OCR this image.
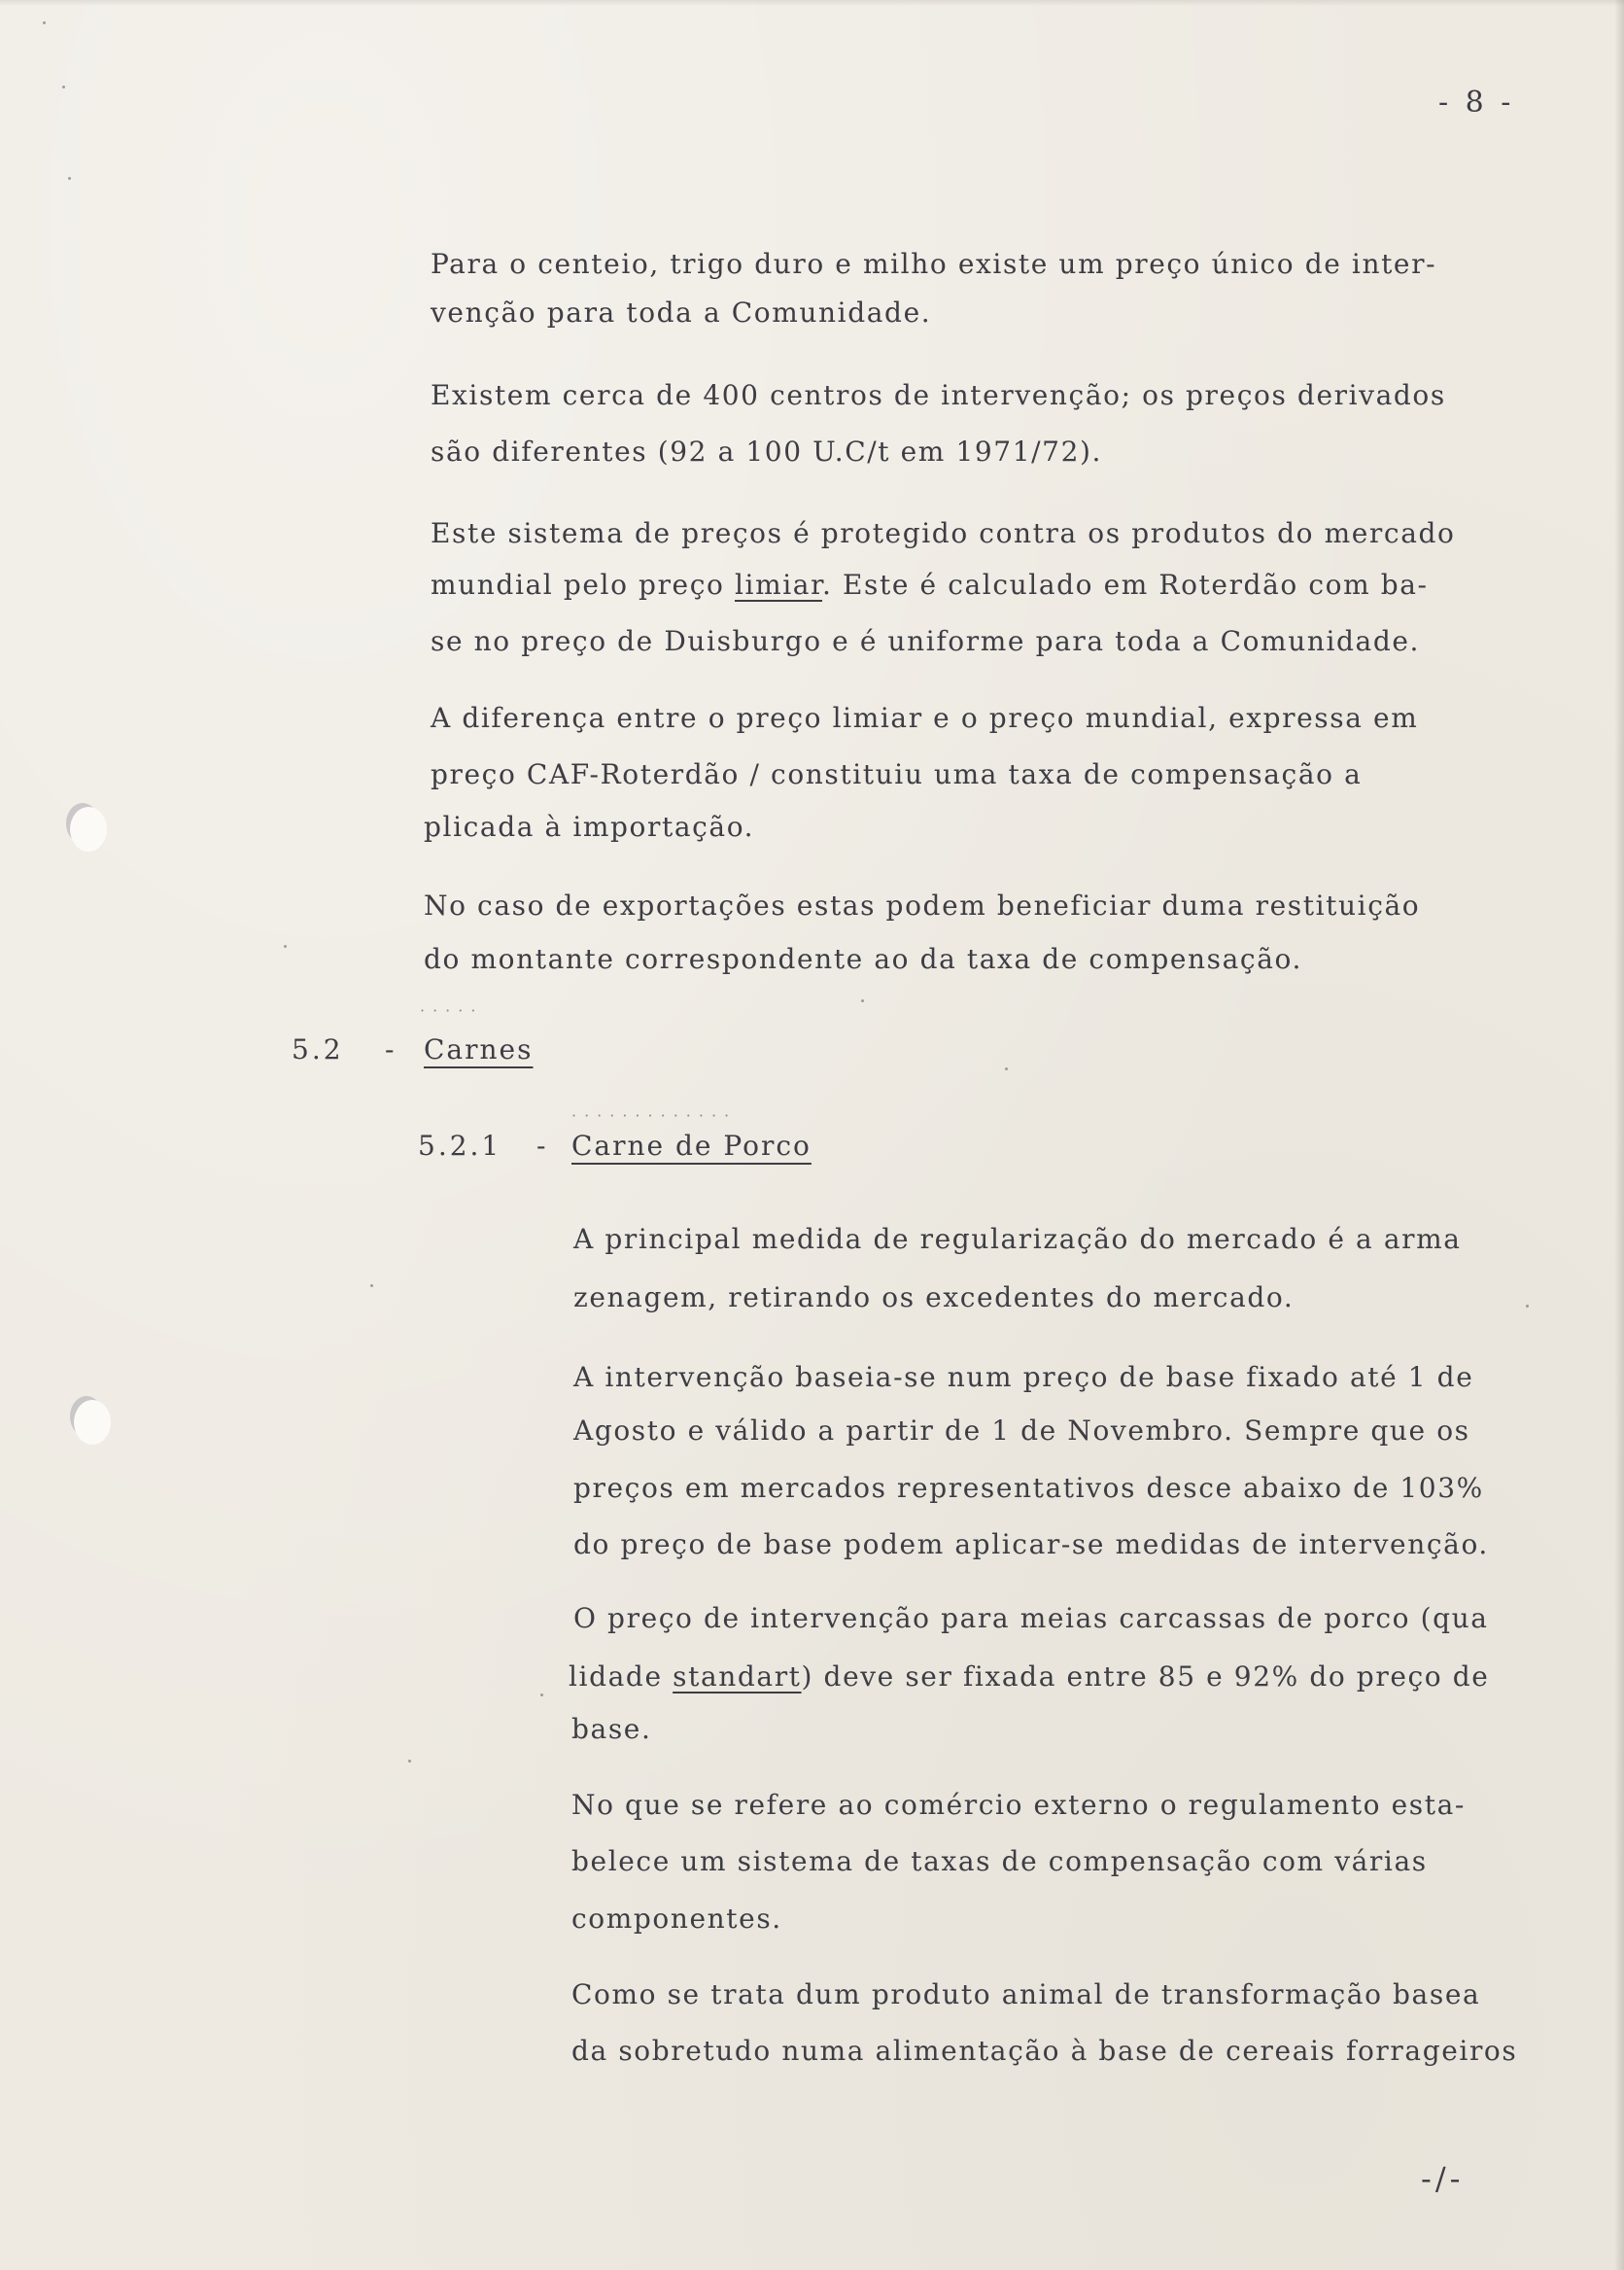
- 8 -
Para o centeio, trigo duro e milho existe um preço único de inter-
venção para toda a Comunidade.
Existem cerca de 400 centros de intervenção; os preços derivados
são diferentes (92 a 100 U.C/t em 1971/72).
Este sistema de preços é protegido contra os produtos do mercado
mundial pelo preço limiar. Este é calculado em Roterdão com ba-
se no preço de Duisburgo e é uniforme para toda a Comunidade.
A diferença entre o preço limiar e o preço mundial, expressa em
preço CAF-Roterdão / constituiu uma taxa de compensação a
plicada à importação.
No caso de exportações estas podem beneficiar duma restituição
do montante correspondente ao da taxa de compensação.
·····
5.2 - Carnes
·············
5.2.1 - Carne de Porco
A principal medida de regularização do mercado é a arma
zenagem, retirando os excedentes do mercado.
A intervenção baseia-se num preço de base fixado até 1 de
Agosto e válido a partir de 1 de Novembro. Sempre que os
preços em mercados representativos desce abaixo de 103%
do preço de base podem aplicar-se medidas de intervenção.
O preço de intervenção para meias carcassas de porco (qua
lidade standart) deve ser fixada entre 85 e 92% do preço de
base.
No que se refere ao comércio externo o regulamento esta-
belece um sistema de taxas de compensação com várias
componentes.
Como se trata dum produto animal de transformação basea
da sobretudo numa alimentação à base de cereais forrageiros
-/-
